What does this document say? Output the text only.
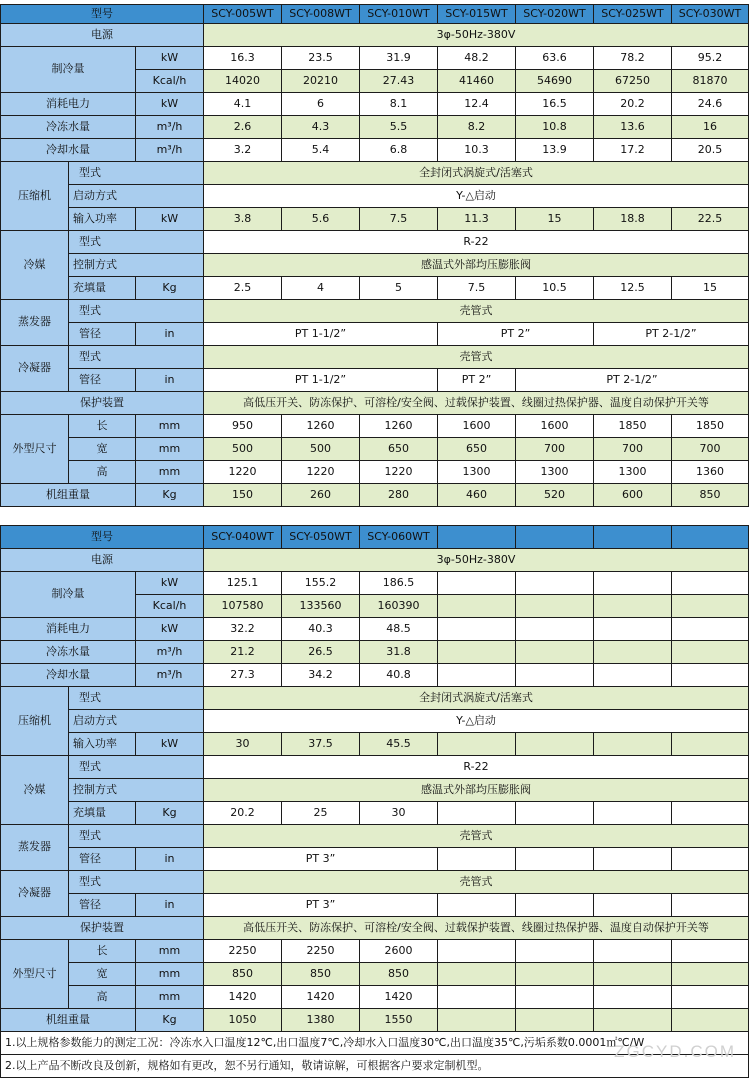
型号			SCY-005WT	SCY-008WT	SCY-010WT	SCY-015WT	SCY-020WT	SCY-025WT	SCY-030WT
电源			3φ-50Hz-380V						
制冷量		kW	16.3	23.5	31.9	48.2	63.6	78.2	95.2
		Kcal/h	14020	20210	27.43	41460	54690	67250	81870
消耗电力		kW	4.1	6	8.1	12.4	16.5	20.2	24.6
冷冻水量		m³/h	2.6	4.3	5.5	8.2	10.8	13.6	16
冷却水量		m³/h	3.2	5.4	6.8	10.3	13.9	17.2	20.5
压缩机	型式		全封闭式涡旋式/活塞式						
	启动方式		Y-△启动						
	输入功率	kW	3.8	5.6	7.5	11.3	15	18.8	22.5
冷媒	型式		R-22						
	控制方式		感温式外部均压膨胀阀						
	充填量	Kg	2.5	4	5	7.5	10.5	12.5	15
蒸发器	型式		壳管式						
	管径	in	PT 1-1/2”			PT 2”		PT 2-1/2”	
冷凝器	型式		壳管式						
	管径	in	PT 1-1/2”			PT 2”	PT 2-1/2”		
保护装置			高低压开关、防冻保护、可溶栓/安全阀、过载保护装置、线圈过热保护器、温度自动保护开关等						
外型尺寸	长	mm	950	1260	1260	1600	1600	1850	1850
	宽	mm	500	500	650	650	700	700	700
	高	mm	1220	1220	1220	1300	1300	1300	1360
机组重量		Kg	150	260	280	460	520	600	850
型号			SCY-040WT	SCY-050WT	SCY-060WT				
电源			3φ-50Hz-380V						
制冷量		kW	125.1	155.2	186.5				
		Kcal/h	107580	133560	160390				
消耗电力		kW	32.2	40.3	48.5				
冷冻水量		m³/h	21.2	26.5	31.8				
冷却水量		m³/h	27.3	34.2	40.8				
压缩机	型式		全封闭式涡旋式/活塞式						
	启动方式		Y-△启动						
	输入功率	kW	30	37.5	45.5				
冷媒	型式		R-22						
	控制方式		感温式外部均压膨胀阀						
	充填量	Kg	20.2	25	30				
蒸发器	型式		壳管式						
	管径	in	PT 3”						
冷凝器	型式		壳管式						
	管径	in	PT 3”						
保护装置			高低压开关、防冻保护、可溶栓/安全阀、过载保护装置、线圈过热保护器、温度自动保护开关等						
外型尺寸	长	mm	2250	2250	2600				
	宽	mm	850	850	850				
	高	mm	1420	1420	1420				
机组重量		Kg	1050	1380	1550				
1.以上规格参数能力的测定工况：冷冻水入口温度12℃,出口温度7℃,冷却水入口温度30℃,出口温度35℃,污垢系数0.0001㎡℃/W									
2.以上产品不断改良及创新，规格如有更改，恕不另行通知，敬请谅解，可根据客户要求定制机型。									
ZGCYD.COM
